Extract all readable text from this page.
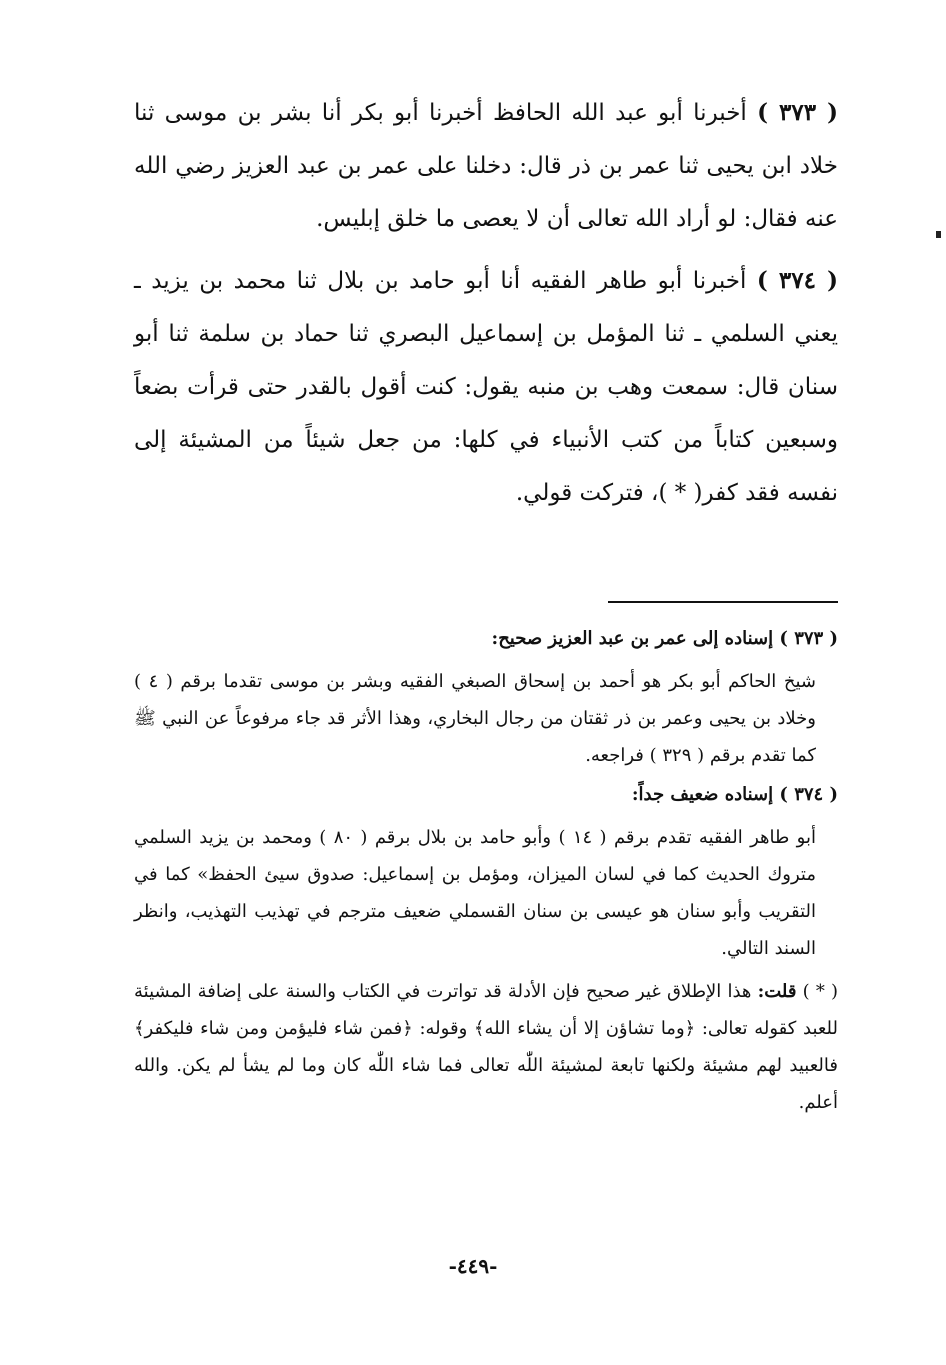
( ٣٧٣ ) أخبرنا أبو عبد الله الحافظ أخبرنا أبو بكر أنا بشر بن موسى ثنا خلاد ابن يحيى ثنا عمر بن ذر قال: دخلنا على عمر بن عبد العزيز رضي الله عنه فقال: لو أراد الله تعالى أن لا يعصى ما خلق إبليس.

( ٣٧٤ ) أخبرنا أبو طاهر الفقيه أنا أبو حامد بن بلال ثنا محمد بن يزيد ـ يعني السلمي ـ ثنا المؤمل بن إسماعيل البصري ثنا حماد بن سلمة ثنا أبو سنان قال: سمعت وهب بن منبه يقول: كنت أقول بالقدر حتى قرأت بضعاً وسبعين كتاباً من كتب الأنبياء في كلها: من جعل شيئاً من المشيئة إلى نفسه فقد كفر( * )، فتركت قولي.

( ٣٧٣ ) إسناده إلى عمر بن عبد العزيز صحيح:

شيخ الحاكم أبو بكر هو أحمد بن إسحاق الصبغي الفقيه وبشر بن موسى تقدما برقم ( ٤ ) وخلاد بن يحيى وعمر بن ذر ثقتان من رجال البخاري، وهذا الأثر قد جاء مرفوعاً عن النبي ﷺ كما تقدم برقم ( ٣٢٩ ) فراجعه.

( ٣٧٤ ) إسناده ضعيف جداً:

أبو طاهر الفقيه تقدم برقم ( ١٤ ) وأبو حامد بن بلال برقم ( ٨٠ ) ومحمد بن يزيد السلمي متروك الحديث كما في لسان الميزان، ومؤمل بن إسماعيل: صدوق سيئ الحفظ» كما في التقريب وأبو سنان هو عيسى بن سنان القسملي ضعيف مترجم في تهذيب التهذيب، وانظر السند التالي.

( * ) قلت: هذا الإطلاق غير صحيح فإن الأدلة قد تواترت في الكتاب والسنة على إضافة المشيئة للعبد كقوله تعالى: ﴿وما تشاؤن إلا أن يشاء الله﴾ وقوله: ﴿فمن شاء فليؤمن ومن شاء فليكفر﴾ فالعبيد لهم مشيئة ولكنها تابعة لمشيئة اللّٰه تعالى فما شاء اللّٰه كان وما لم يشأ لم يكن. والله أعلم.

-٤٤٩-
